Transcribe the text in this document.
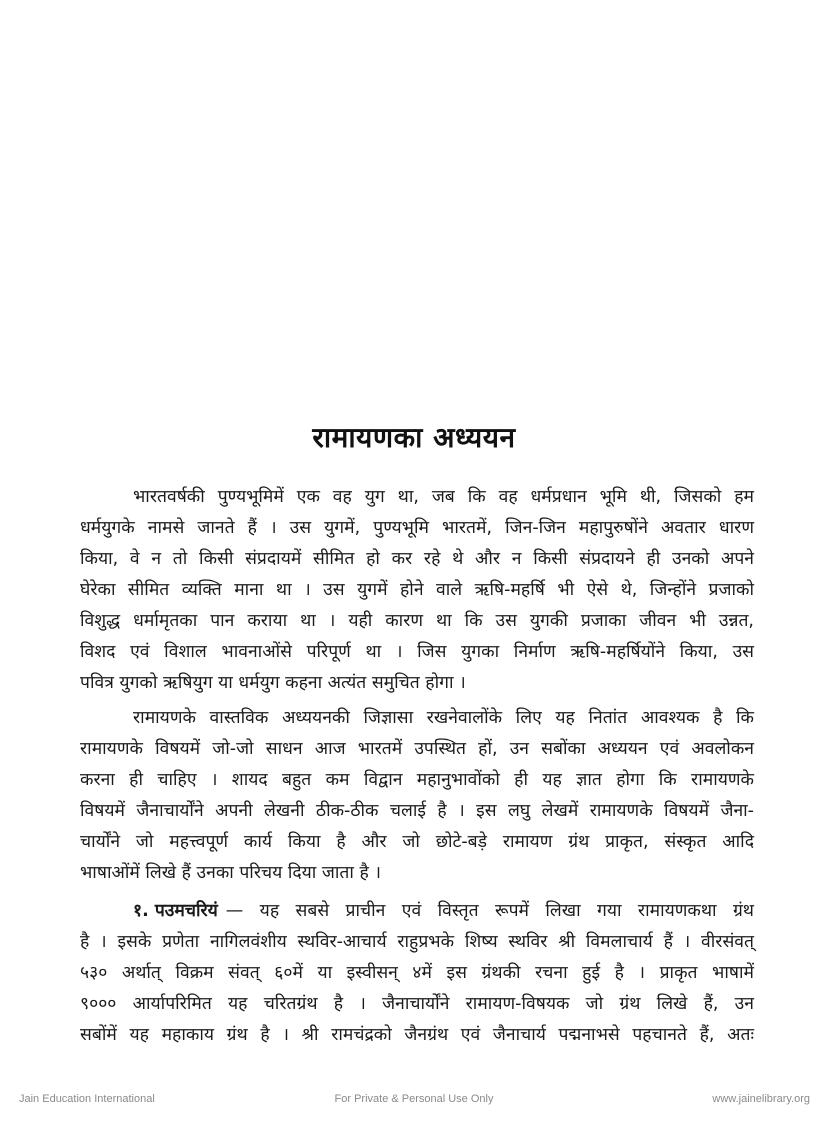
रामायणका अध्ययन
भारतवर्षकी पुण्यभूमिमें एक वह युग था, जब कि वह धर्मप्रधान भूमि थी, जिसको हम
धर्मयुगके नामसे जानते हैं । उस युगमें, पुण्यभूमि भारतमें, जिन-जिन महापुरुषोंने अवतार धारण
किया, वे न तो किसी संप्रदायमें सीमित हो कर रहे थे और न किसी संप्रदायने ही उनको अपने
घेरेका सीमित व्यक्ति माना था । उस युगमें होने वाले ऋषि-महर्षि भी ऐसे थे, जिन्होंने प्रजाको
विशुद्ध धर्मामृतका पान कराया था । यही कारण था कि उस युगकी प्रजाका जीवन भी उन्नत,
विशद एवं विशाल भावनाओंसे परिपूर्ण था । जिस युगका निर्माण ऋषि-महर्षियोंने किया, उस
पवित्र युगको ऋषियुग या धर्मयुग कहना अत्यंत समुचित होगा ।
रामायणके वास्तविक अध्ययनकी जिज्ञासा रखनेवालोंके लिए यह नितांत आवश्यक है कि
रामायणके विषयमें जो-जो साधन आज भारतमें उपस्थित हों, उन सबोंका अध्ययन एवं अवलोकन
करना ही चाहिए । शायद बहुत कम विद्वान महानुभावोंको ही यह ज्ञात होगा कि रामायणके
विषयमें जैनाचार्योंने अपनी लेखनी ठीक-ठीक चलाई है । इस लघु लेखमें रामायणके विषयमें जैना-
चार्योंने जो महत्त्वपूर्ण कार्य किया है और जो छोटे-बड़े रामायण ग्रंथ प्राकृत, संस्कृत आदि
भाषाओंमें लिखे हैं उनका परिचय दिया जाता है ।
१. पउमचरियं — यह सबसे प्राचीन एवं विस्तृत रूपमें लिखा गया रामायणकथा ग्रंथ
है । इसके प्रणेता नागिलवंशीय स्थविर-आचार्य राहुप्रभके शिष्य स्थविर श्री विमलाचार्य हैं । वीरसंवत्
५३० अर्थात् विक्रम संवत् ६०में या इस्वीसन् ४में इस ग्रंथकी रचना हुई है । प्राकृत भाषामें
९००० आर्यापरिमित यह चरितग्रंथ है । जैनाचार्योंने रामायण-विषयक जो ग्रंथ लिखे हैं, उन
सबोंमें यह महाकाय ग्रंथ है । श्री रामचंद्रको जैनग्रंथ एवं जैनाचार्य पद्मनाभसे पहचानते हैं, अतः
Jain Education International	For Private & Personal Use Only	www.jainelibrary.org
